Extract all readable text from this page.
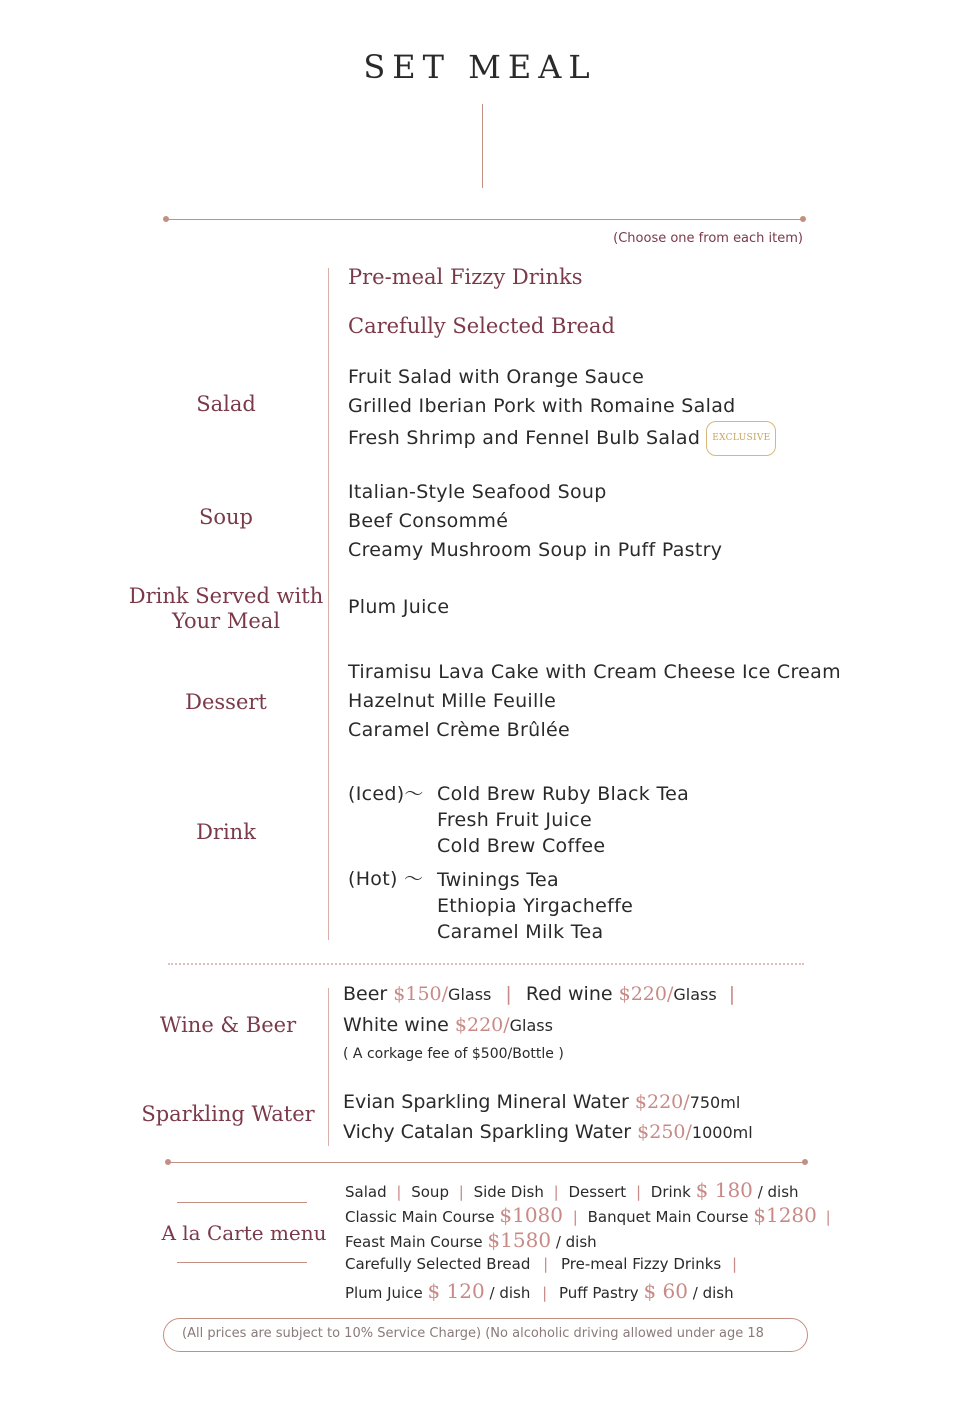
SET MEAL
(Choose one from each item)
Pre-meal Fizzy Drinks
Carefully Selected Bread
Salad
Fruit Salad with Orange Sauce
Grilled Iberian Pork with Romaine Salad
Fresh Shrimp and Fennel Bulb Salad EXCLUSIVE
Soup
Italian-Style Seafood Soup
Beef Consommé
Creamy Mushroom Soup in Puff Pastry
Drink Served with
Your Meal
Plum Juice
Dessert
Tiramisu Lava Cake with Cream Cheese Ice Cream
Hazelnut Mille Feuille
Caramel Crème Brûlée
Drink
(Iced)～ Cold Brew Ruby Black Tea
Fresh Fruit Juice
Cold Brew Coffee
(Hot) ～ Twinings Tea
Ethiopia Yirgacheffe
Caramel Milk Tea
Wine & Beer
Beer $150/Glass | Red wine $220/Glass |
White wine $220/Glass
( A corkage fee of $500/Bottle )
Sparkling Water	Evian Sparkling Mineral Water $220/750ml
Vichy Catalan Sparkling Water $250/1000ml
A la Carte menu
Salad | Soup | Side Dish | Dessert | Drink $ 180 / dish
Classic Main Course $1080 | Banquet Main Course $1280 |
Feast Main Course $1580 / dish
Carefully Selected Bread | Pre-meal Fizzy Drinks |
Plum Juice $ 120 / dish | Puff Pastry $ 60 / dish
(All prices are subject to 10% Service Charge) (No alcoholic driving allowed under age 18
